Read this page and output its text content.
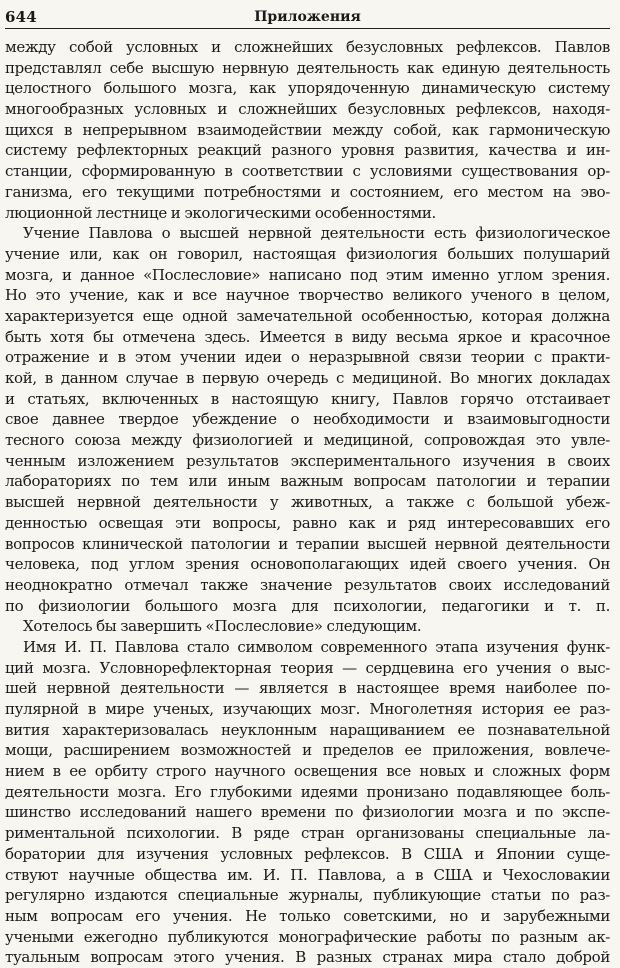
644	Приложения
между собой условных и сложнейших безусловных рефлексов. Павлов
представлял себе высшую нервную деятельность как единую деятельность
целостного большого мозга, как упорядоченную динамическую систему
многообразных условных и сложнейших безусловных рефлексов, находя-
щихся в непрерывном взаимодействии между собой, как гармоническую
систему рефлекторных реакций разного уровня развития, качества и ин-
станции, сформированную в соответствии с условиями существования ор-
ганизма, его текущими потребностями и состоянием, его местом на эво-
люционной лестнице и экологическими особенностями.
Учение Павлова о высшей нервной деятельности есть физиологическое
учение или, как он говорил, настоящая физиология больших полушарий
мозга, и данное «Послесловие» написано под этим именно углом зрения.
Но это учение, как и все научное творчество великого ученого в целом,
характеризуется еще одной замечательной особенностью, которая должна
быть хотя бы отмечена здесь. Имеется в виду весьма яркое и красочное
отражение и в этом учении идеи о неразрывной связи теории с практи-
кой, в данном случае в первую очередь с медициной. Во многих докладах
и статьях, включенных в настоящую книгу, Павлов горячо отстаивает
свое давнее твердое убеждение о необходимости и взаимовыгодности
тесного союза между физиологией и медициной, сопровождая это увле-
ченным изложением результатов экспериментального изучения в своих
лабораториях по тем или иным важным вопросам патологии и терапии
высшей нервной деятельности у животных, а также с большой убеж-
денностью освещая эти вопросы, равно как и ряд интересовавших его
вопросов клинической патологии и терапии высшей нервной деятельности
человека, под углом зрения основополагающих идей своего учения. Он
неоднократно отмечал также значение результатов своих исследований
по физиологии большого мозга для психологии, педагогики и т. п.
Хотелось бы завершить «Послесловие» следующим.
Имя И. П. Павлова стало символом современного этапа изучения функ-
ций мозга. Условнорефлекторная теория — сердцевина его учения о выс-
шей нервной деятельности — является в настоящее время наиболее по-
пулярной в мире ученых, изучающих мозг. Многолетняя история ее раз-
вития характеризовалась неуклонным наращиванием ее познавательной
мощи, расширением возможностей и пределов ее приложения, вовлече-
нием в ее орбиту строго научного освещения все новых и сложных форм
деятельности мозга. Его глубокими идеями пронизано подавляющее боль-
шинство исследований нашего времени по физиологии мозга и по экспе-
риментальной психологии. В ряде стран организованы специальные ла-
боратории для изучения условных рефлексов. В США и Японии суще-
ствуют научные общества им. И. П. Павлова, а в США и Чехословакии
регулярно издаются специальные журналы, публикующие статьи по раз-
ным вопросам его учения. Не только советскими, но и зарубежными
учеными ежегодно публикуются монографические работы по разным ак-
туальным вопросам этого учения. В разных странах мира стало доброй
